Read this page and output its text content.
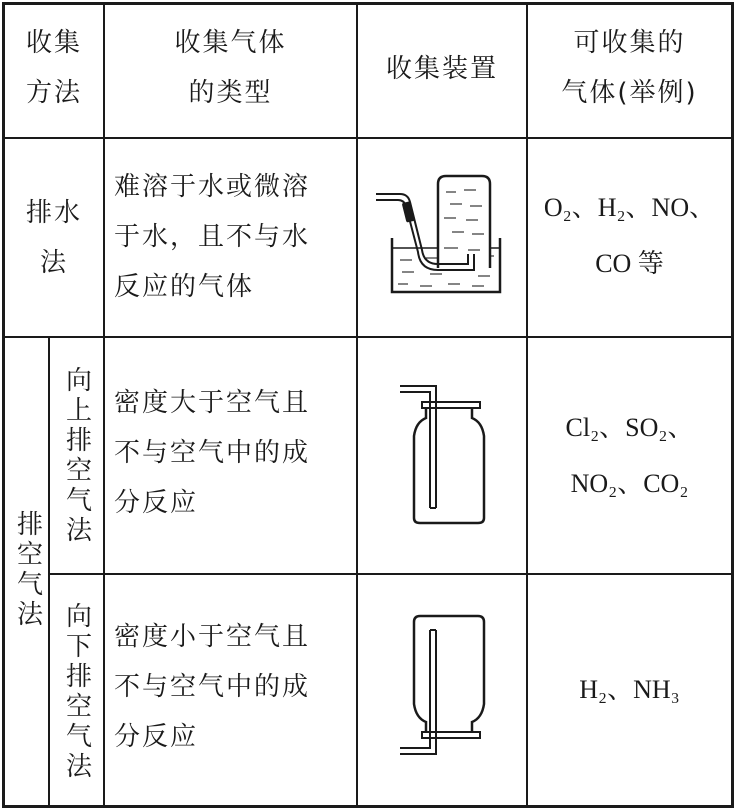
收集
方法
收集气体
的类型
收集装置
可收集的
气体(举例)
排水
法
难溶于水或微溶
于水，且不与水
反应的气体
O₂、H₂、NO、
CO 等
排空气法
向上排空气法 密度大于空气且
不与空气中的成
分反应
Cl₂、SO₂、
NO₂、CO₂
向下排空气法 密度小于空气且
不与空气中的成
分反应
H₂、NH₃
